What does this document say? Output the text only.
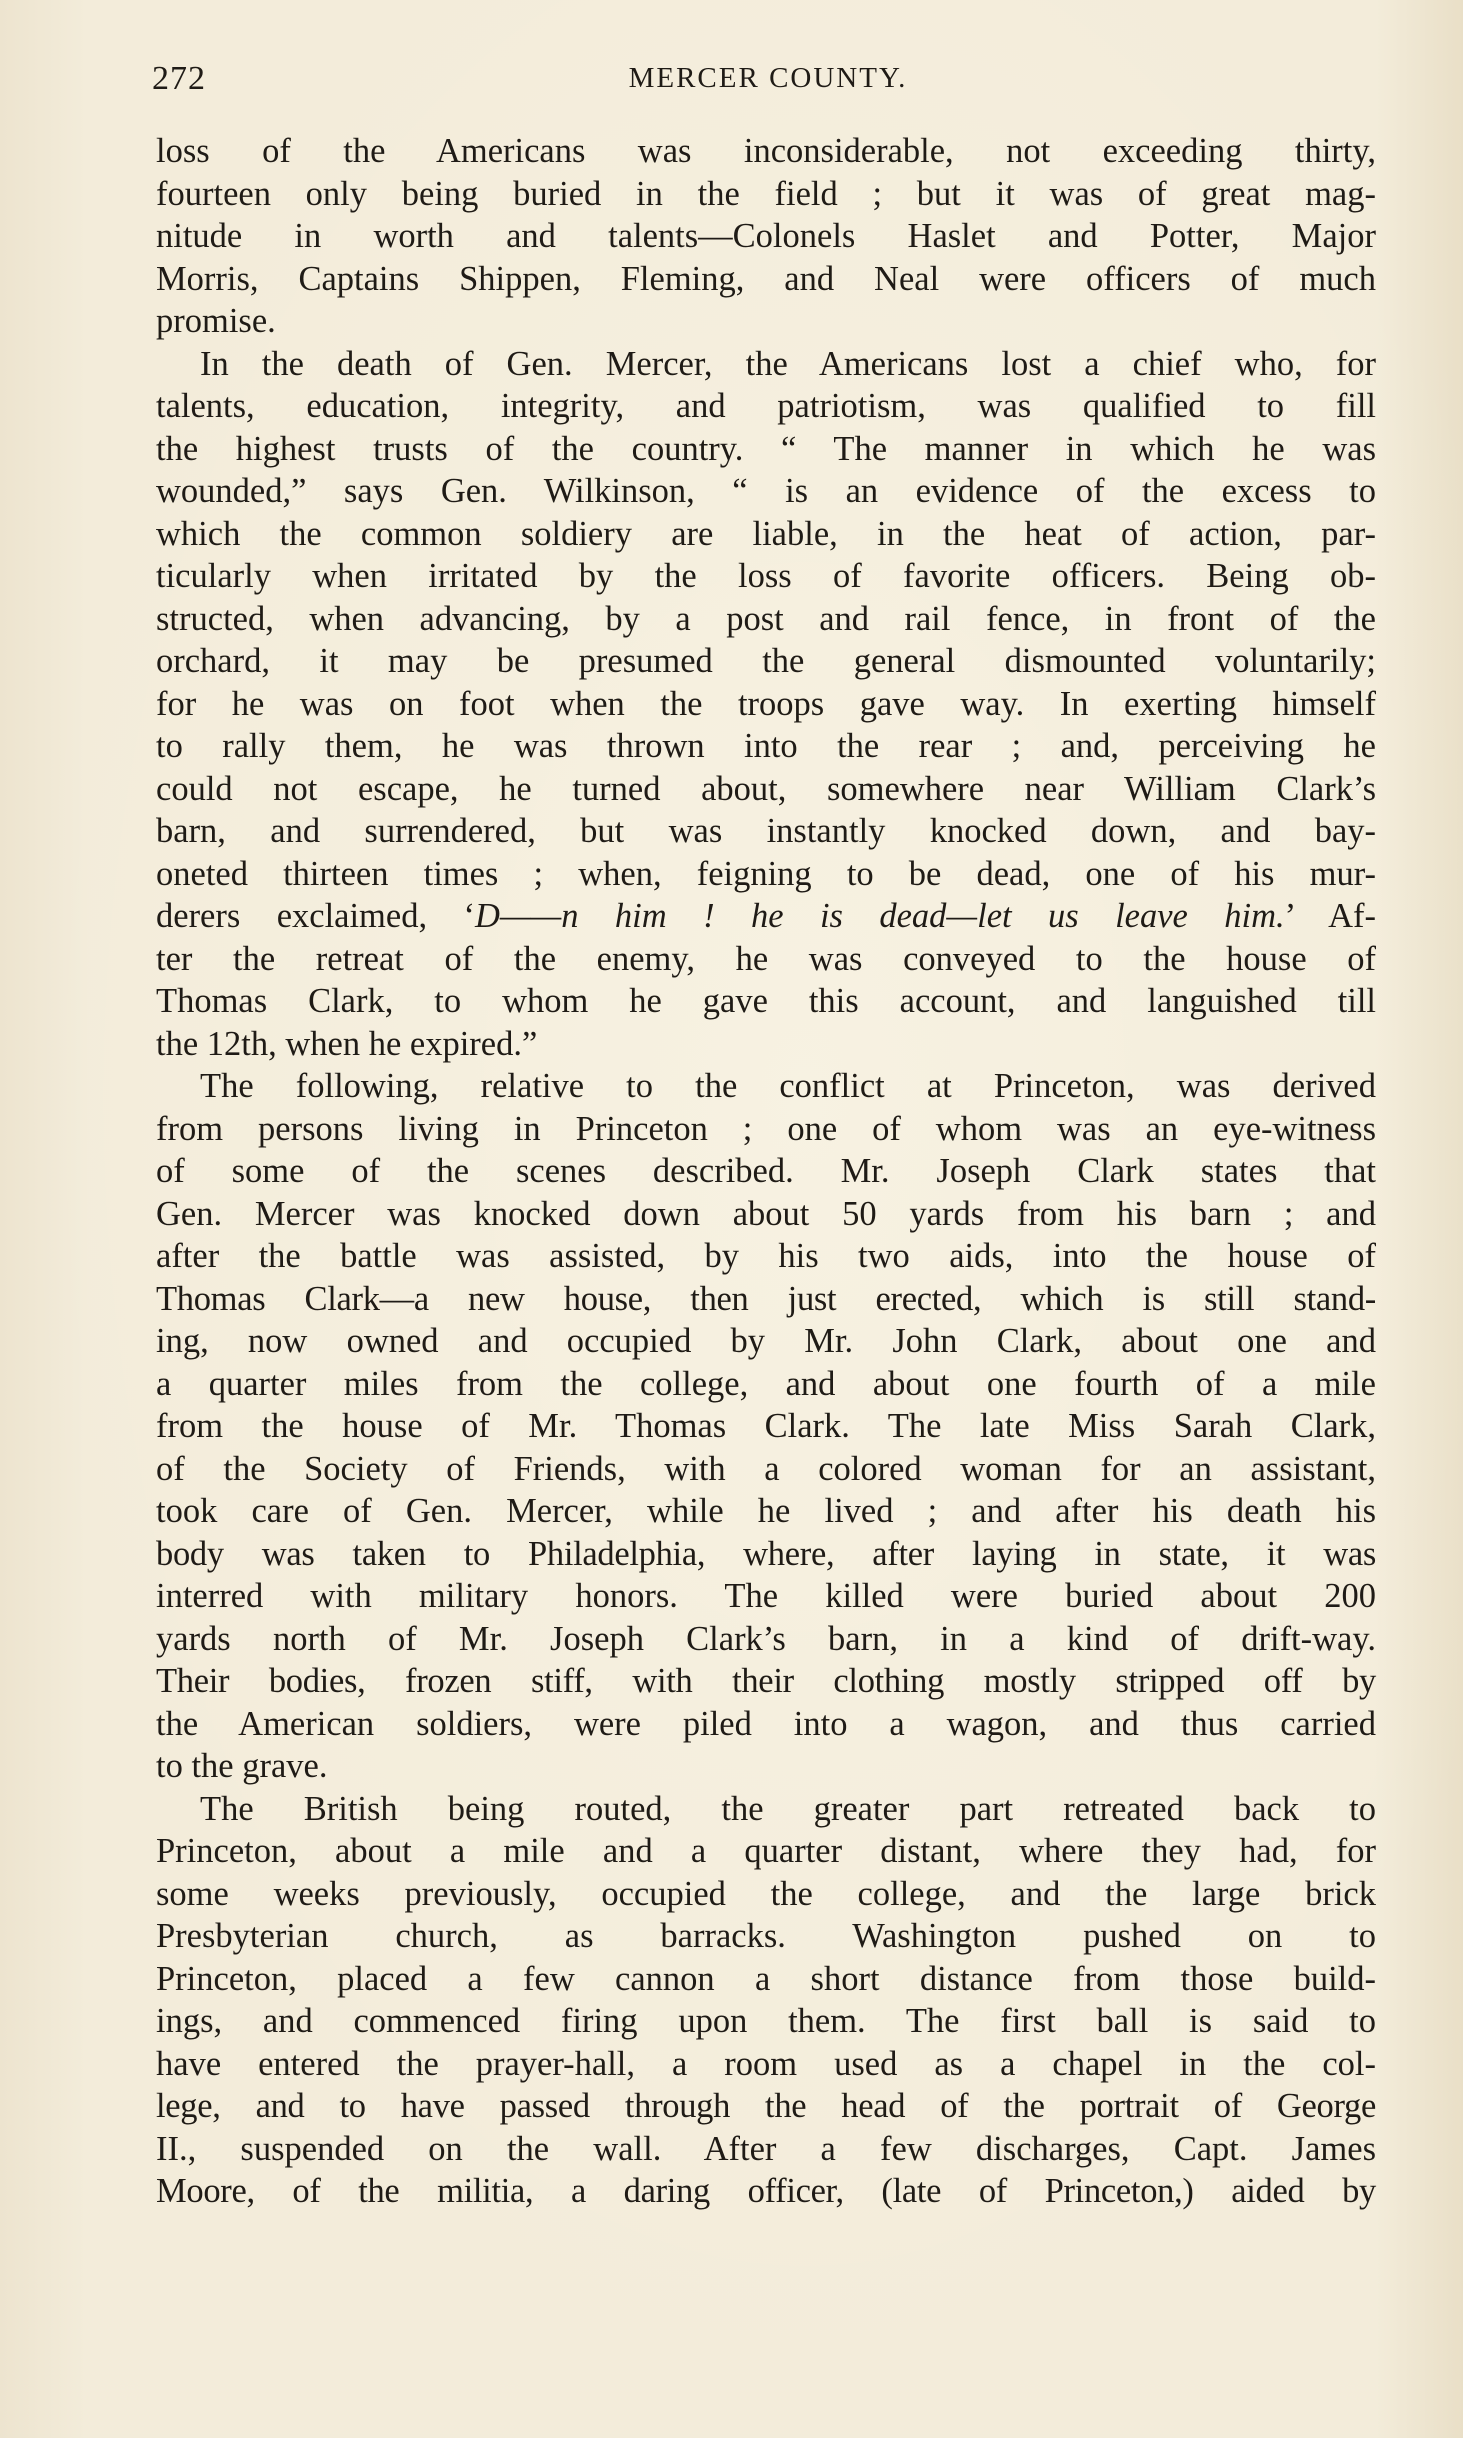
272	MERCER COUNTY.
loss of the Americans was inconsiderable, not exceeding thirty,
fourteen only being buried in the field ; but it was of great mag-
nitude in worth and talents—Colonels Haslet and Potter, Major
Morris, Captains Shippen, Fleming, and Neal were officers of much
promise.
In the death of Gen. Mercer, the Americans lost a chief who, for
talents, education, integrity, and patriotism, was qualified to fill
the highest trusts of the country. “ The manner in which he was
wounded,” says Gen. Wilkinson, “ is an evidence of the excess to
which the common soldiery are liable, in the heat of action, par-
ticularly when irritated by the loss of favorite officers. Being ob-
structed, when advancing, by a post and rail fence, in front of the
orchard, it may be presumed the general dismounted voluntarily;
for he was on foot when the troops gave way. In exerting himself
to rally them, he was thrown into the rear ; and, perceiving he
could not escape, he turned about, somewhere near William Clark’s
barn, and surrendered, but was instantly knocked down, and bay-
oneted thirteen times ; when, feigning to be dead, one of his mur-
derers exclaimed, ‘D——n him ! he is dead—let us leave him.’ Af-
ter the retreat of the enemy, he was conveyed to the house of
Thomas Clark, to whom he gave this account, and languished till
the 12th, when he expired.”
The following, relative to the conflict at Princeton, was derived
from persons living in Princeton ; one of whom was an eye-witness
of some of the scenes described. Mr. Joseph Clark states that
Gen. Mercer was knocked down about 50 yards from his barn ; and
after the battle was assisted, by his two aids, into the house of
Thomas Clark—a new house, then just erected, which is still stand-
ing, now owned and occupied by Mr. John Clark, about one and
a quarter miles from the college, and about one fourth of a mile
from the house of Mr. Thomas Clark. The late Miss Sarah Clark,
of the Society of Friends, with a colored woman for an assistant,
took care of Gen. Mercer, while he lived ; and after his death his
body was taken to Philadelphia, where, after laying in state, it was
interred with military honors. The killed were buried about 200
yards north of Mr. Joseph Clark’s barn, in a kind of drift-way.
Their bodies, frozen stiff, with their clothing mostly stripped off by
the American soldiers, were piled into a wagon, and thus carried
to the grave.
The British being routed, the greater part retreated back to
Princeton, about a mile and a quarter distant, where they had, for
some weeks previously, occupied the college, and the large brick
Presbyterian church, as barracks. Washington pushed on to
Princeton, placed a few cannon a short distance from those build-
ings, and commenced firing upon them. The first ball is said to
have entered the prayer-hall, a room used as a chapel in the col-
lege, and to have passed through the head of the portrait of George
II., suspended on the wall. After a few discharges, Capt. James
Moore, of the militia, a daring officer, (late of Princeton,) aided by
